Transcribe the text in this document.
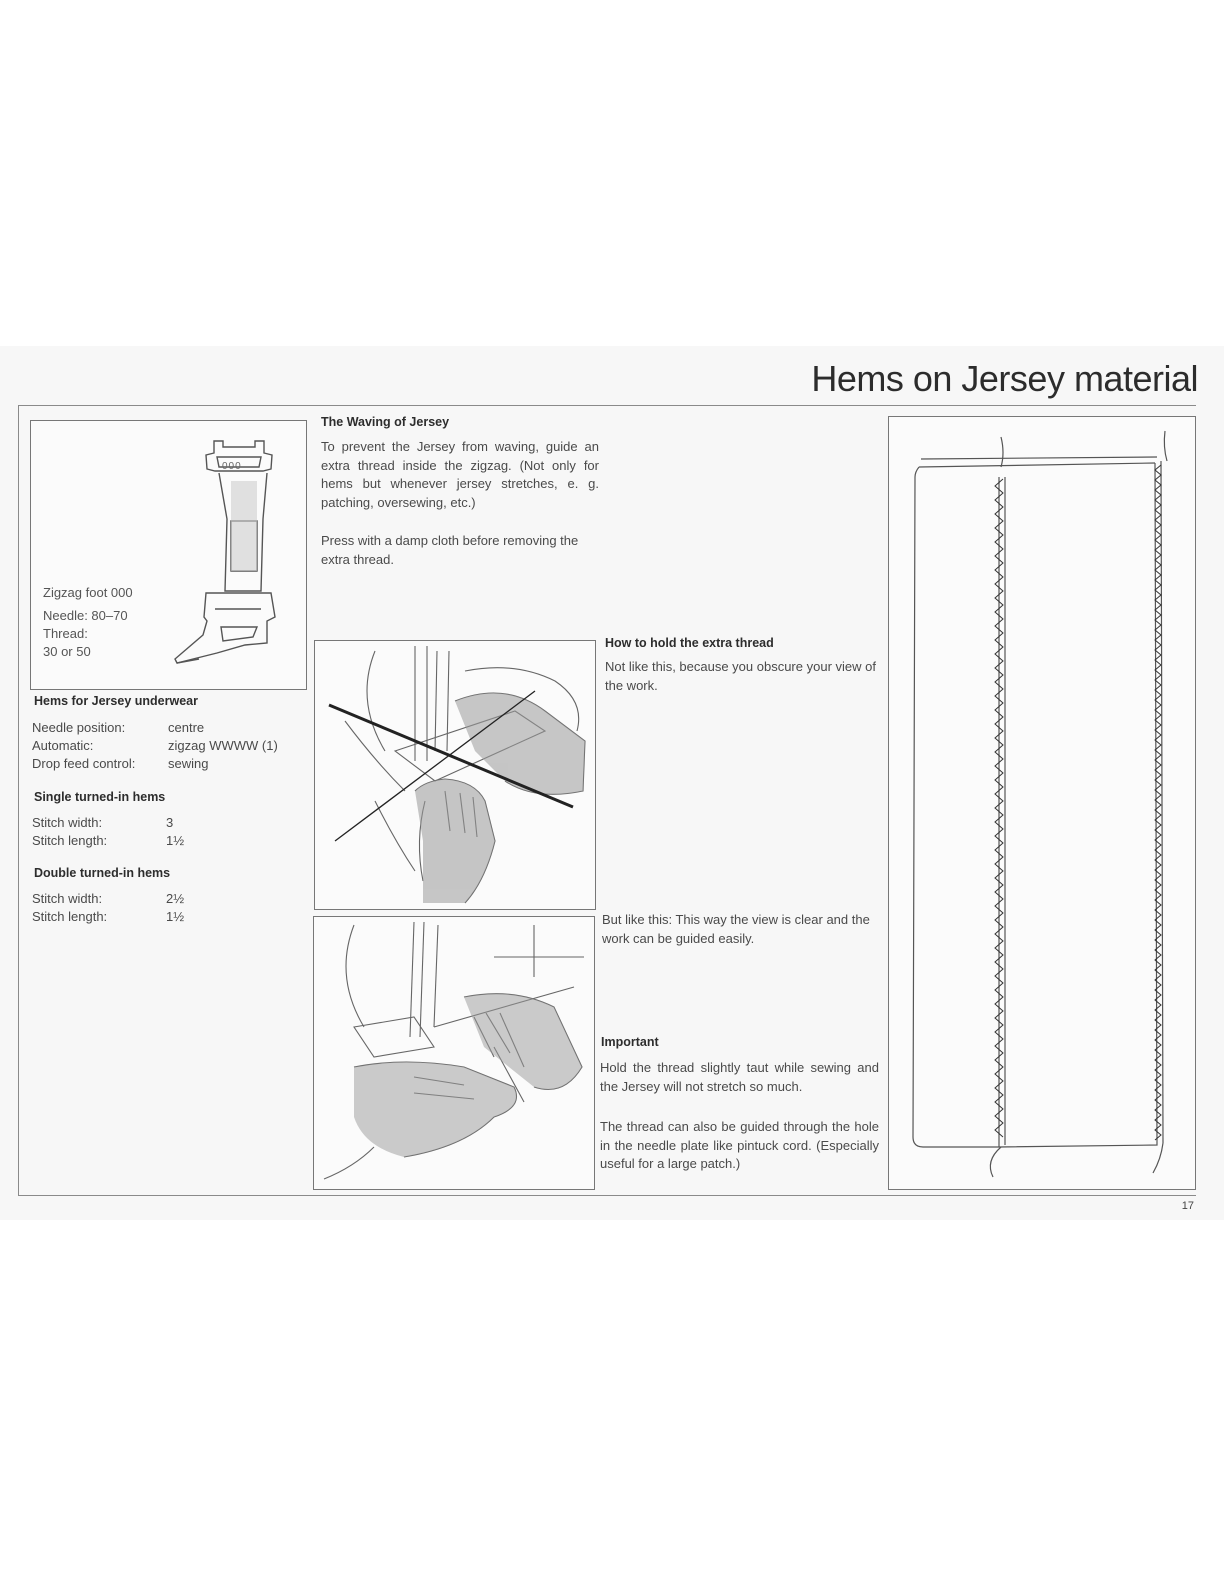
Hems on Jersey material
000
Zigzag foot 000
Needle: 80–70
Thread:
30 or 50
Hems for Jersey underwear
Needle position:	centre
Automatic:	zigzag WWWW (1)
Drop feed control:	sewing
Single turned-in hems
Stitch width:	3
Stitch length:	1½
Double turned-in hems
Stitch width:	2½
Stitch length:	1½
The Waving of Jersey

To prevent the Jersey from waving, guide an extra thread inside the zigzag. (Not only for hems but whenever jersey stretches, e. g. patching, oversewing, etc.)

Press with a damp cloth before removing the extra thread.

How to hold the extra thread

Not like this, because you obscure your view of the work.

But like this: This way the view is clear and the work can be guided easily.

Important

Hold the thread slightly taut while sewing and the Jersey will not stretch so much.

The thread can also be guided through the hole in the needle plate like pintuck cord. (Especially useful for a large patch.)

17
